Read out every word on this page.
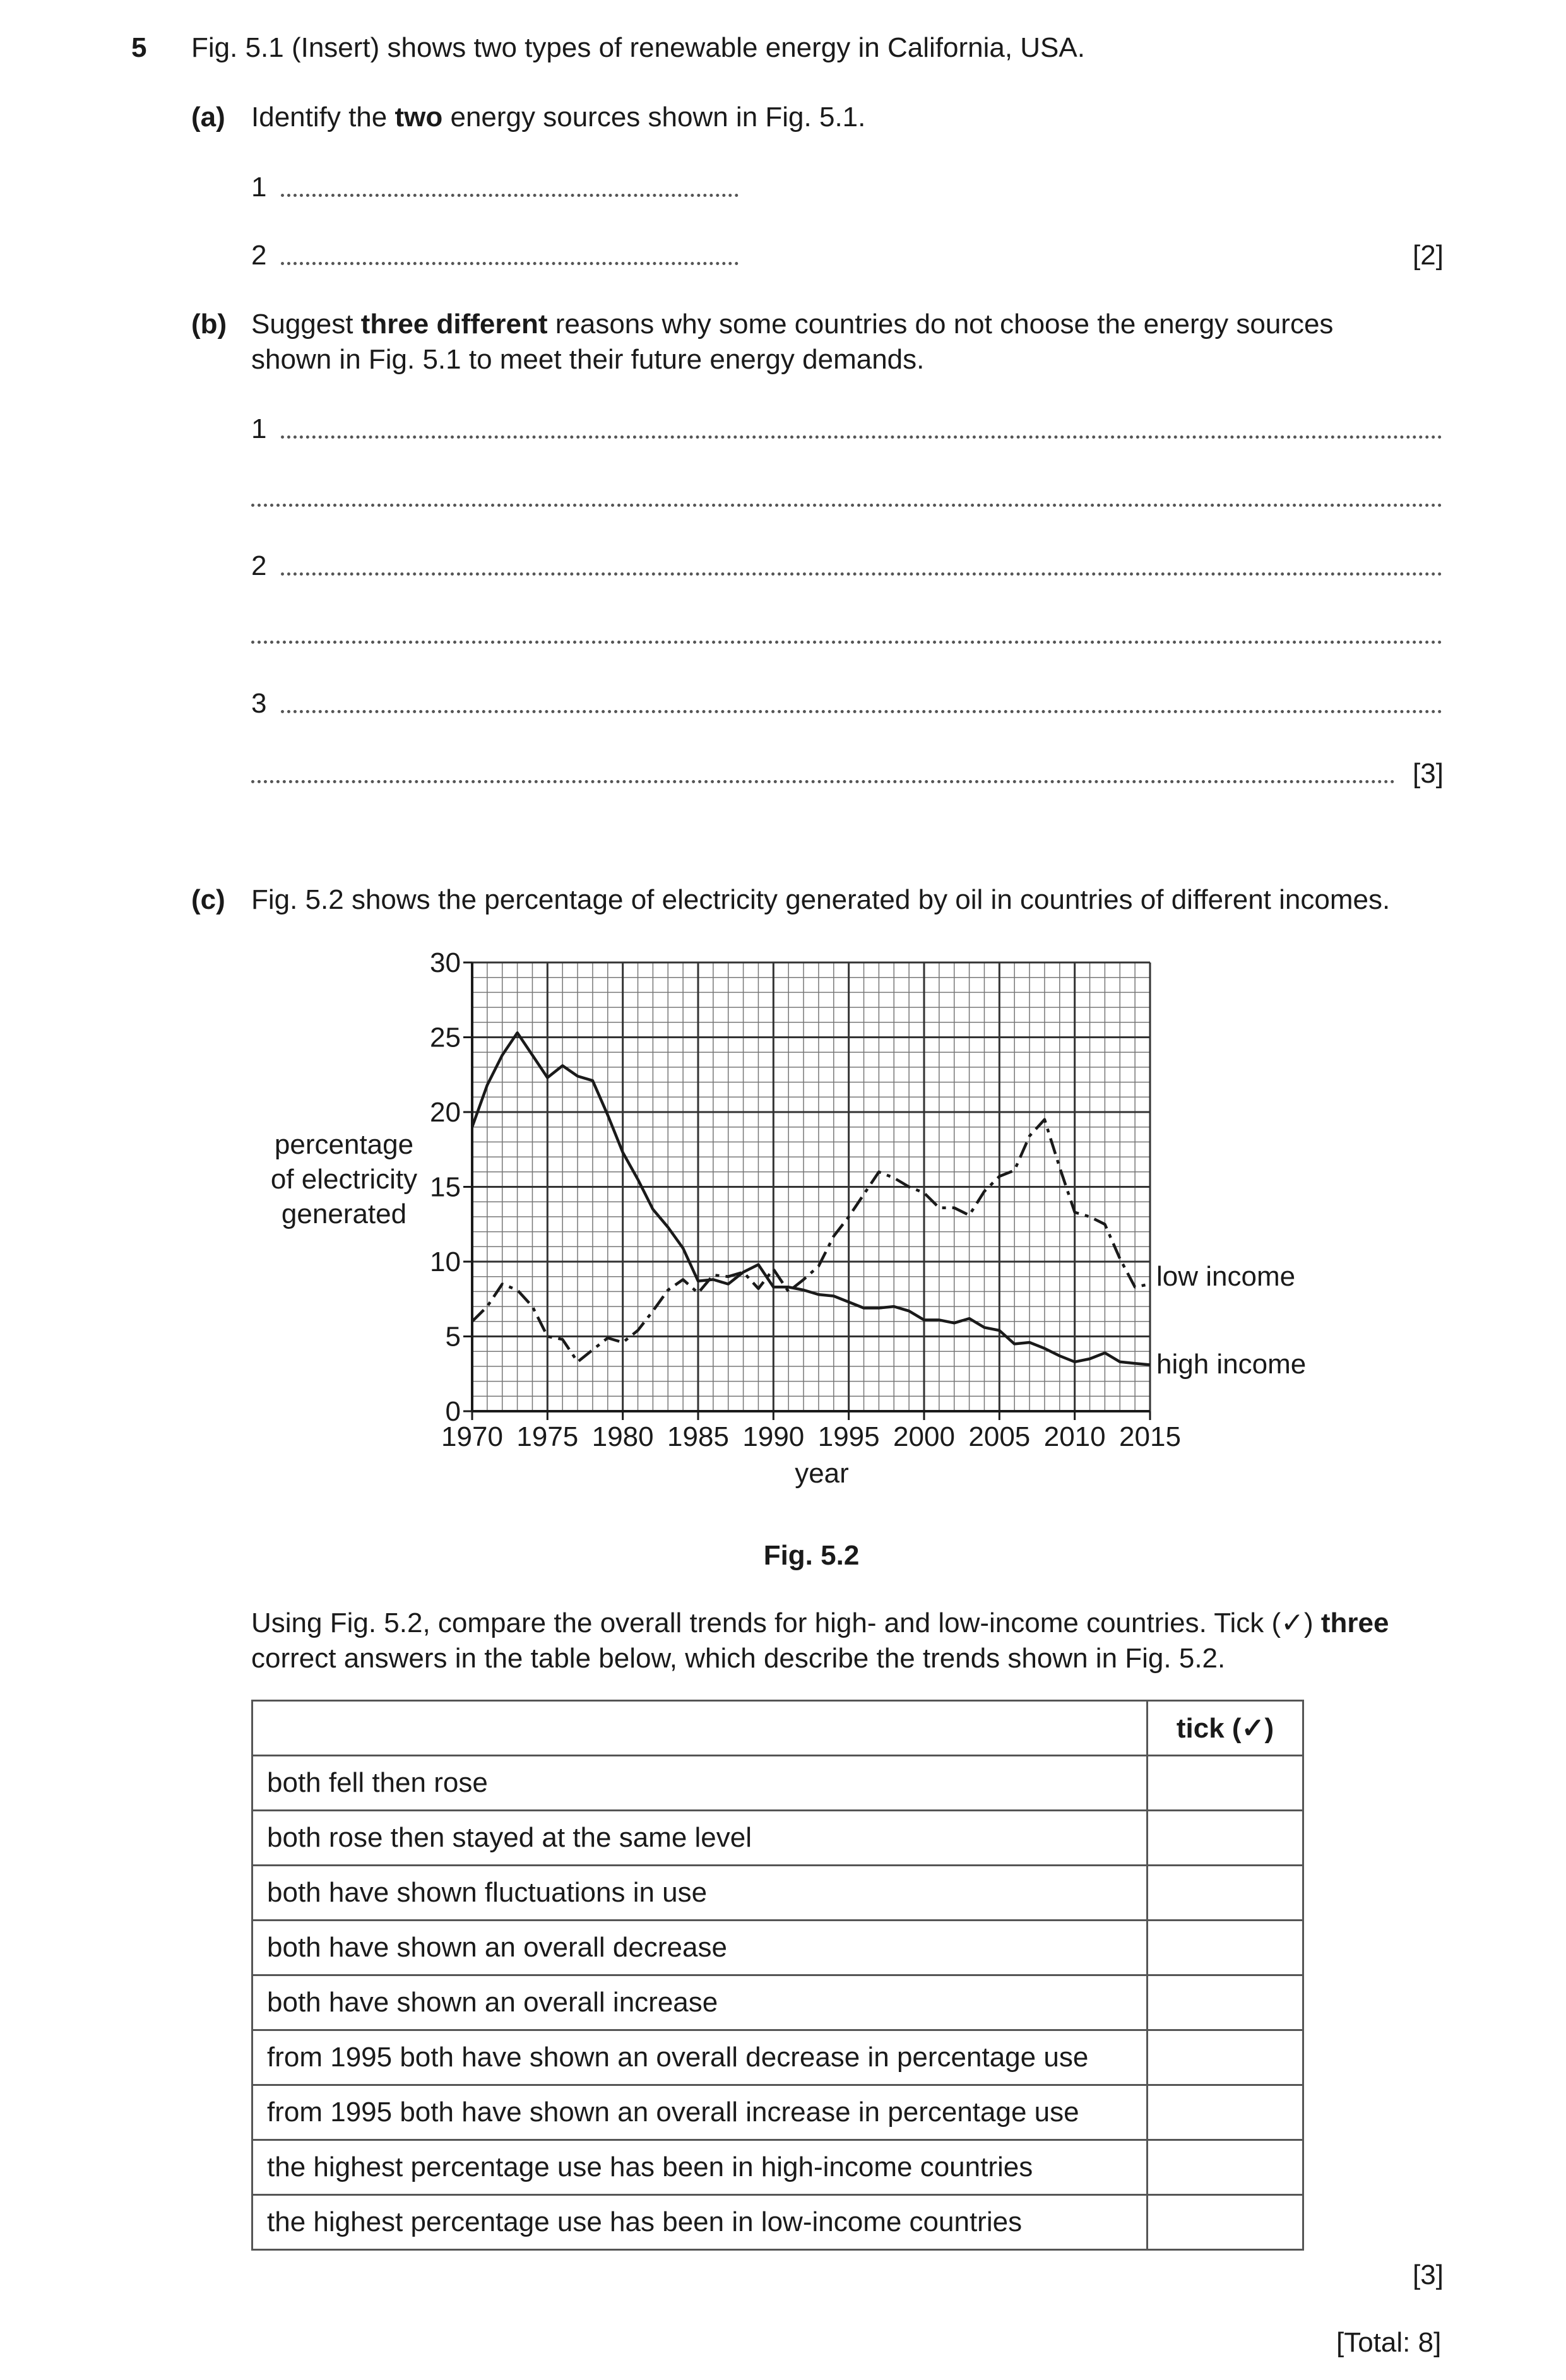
5 Fig. 5.1 (Insert) shows two types of renewable energy in California, USA.
(a) Identify the two energy sources shown in Fig. 5.1.
1
2	[2]
(b) Suggest three different reasons why some countries do not choose the energy sources
shown in Fig. 5.1 to meet their future energy demands.
1
2
3
[3]
(c) Fig. 5.2 shows the percentage of electricity generated by oil in countries of different incomes.
0
5
10
15
20
25
30
1970 1975 1980 1985 1990 1995 2000 2005 2010 2015
percentage
of electricity
generated
year
low income
high income
Fig. 5.2
Using Fig. 5.2, compare the overall trends for high- and low-income countries. Tick (✓) three
correct answers in the table below, which describe the trends shown in Fig. 5.2.
	tick (✓)
both fell then rose	
both rose then stayed at the same level	
both have shown fluctuations in use	
both have shown an overall decrease	
both have shown an overall increase	
from 1995 both have shown an overall decrease in percentage use	
from 1995 both have shown an overall increase in percentage use	
the highest percentage use has been in high-income countries	
the highest percentage use has been in low-income countries	
[3]
[Total: 8]
